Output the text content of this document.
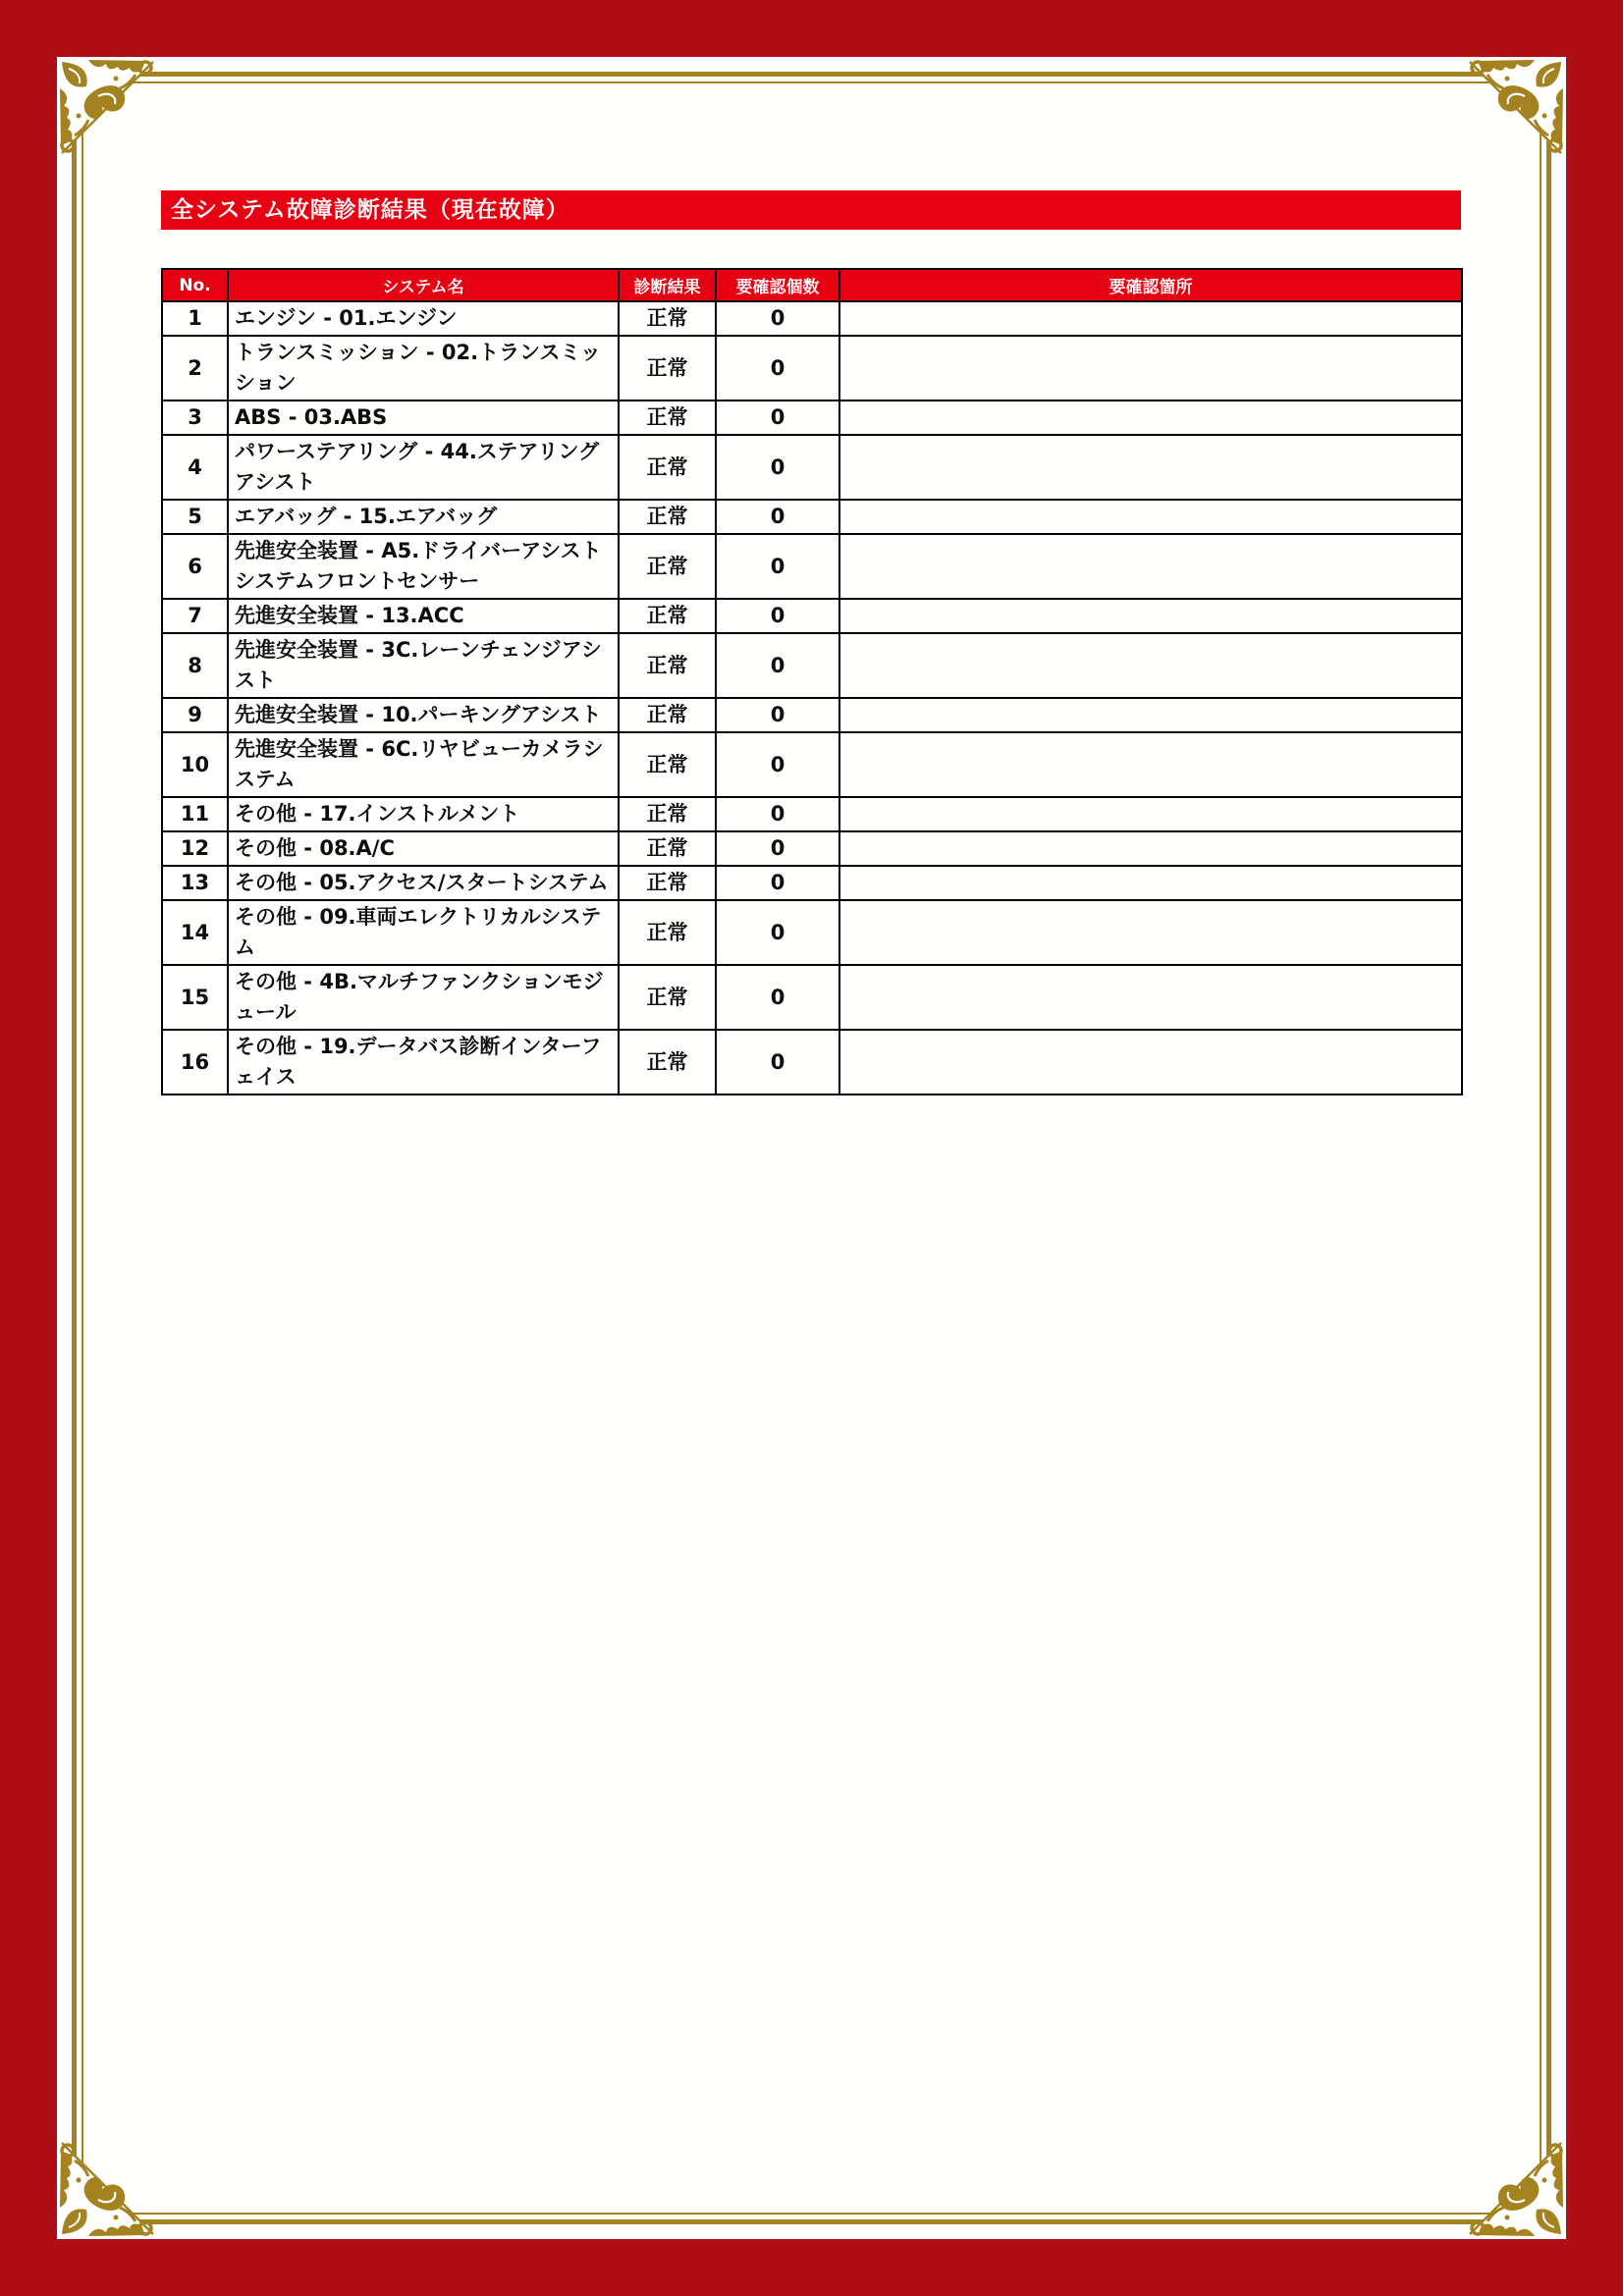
全システム故障診断結果（現在故障）
No.	システム名	診断結果	要確認個数	要確認箇所
1	エンジン - 01.エンジン	正常	0	
2	トランスミッション - 02.トランスミッション	正常	0	
3	ABS - 03.ABS	正常	0	
4	パワーステアリング - 44.ステアリングアシスト	正常	0	
5	エアバッグ - 15.エアバッグ	正常	0	
6	先進安全装置 - A5.ドライバーアシストシステムフロントセンサー	正常	0	
7	先進安全装置 - 13.ACC	正常	0	
8	先進安全装置 - 3C.レーンチェンジアシスト	正常	0	
9	先進安全装置 - 10.パーキングアシスト	正常	0	
10	先進安全装置 - 6C.リヤビューカメラシステム	正常	0	
11	その他 - 17.インストルメント	正常	0	
12	その他 - 08.A/C	正常	0	
13	その他 - 05.アクセス/スタートシステム	正常	0	
14	その他 - 09.車両エレクトリカルシステム	正常	0	
15	その他 - 4B.マルチファンクションモジュール	正常	0	
16	その他 - 19.データバス診断インターフェイス	正常	0	
